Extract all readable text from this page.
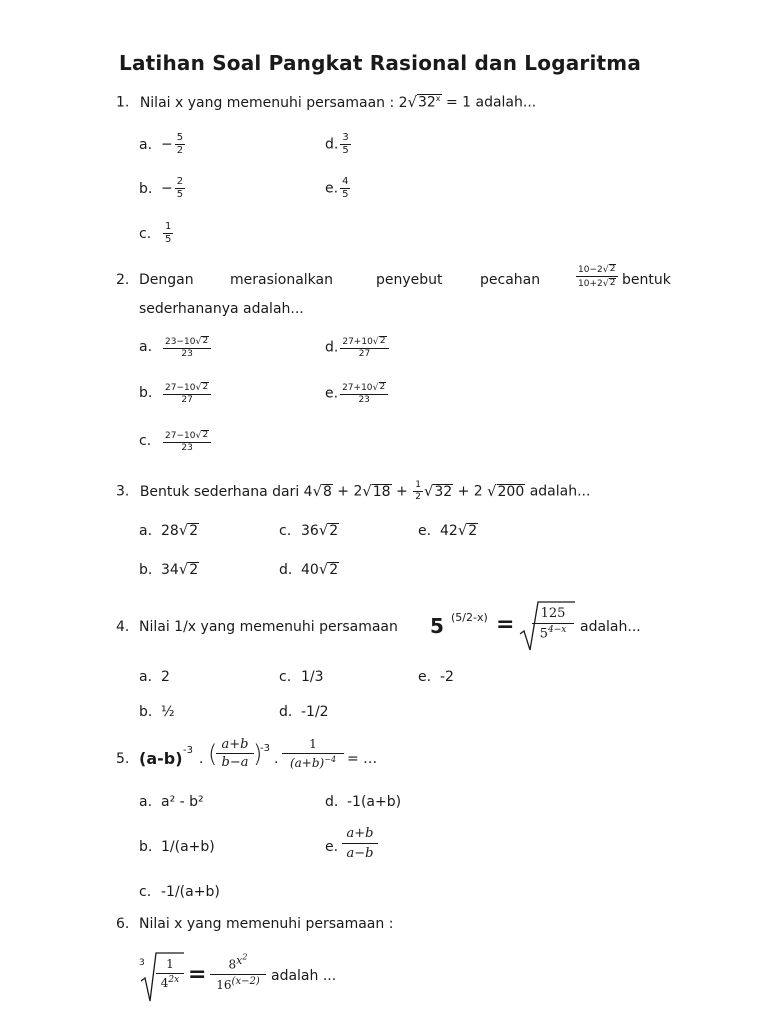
Latihan Soal Pangkat Rasional dan Logaritma
1. Nilai x yang memenuhi persamaan : 2 √ $32^x = 1$ adalah...
a. − $\frac{5}{2}$
b. − $\frac{2}{5}$
c. $\frac{1}{5}$
d. $\frac{3}{5}$
e. $\frac{4}{5}$
2. Dengan	merasionalkan	penyebut	pecahan	$\frac{10-2 √ 2}{10+2 √ 2}$ bentuk
sederhananya adalah...
a. $\frac{23-10 √ 2}{23}$
b. $\frac{27-10 √ 2}{27}$
c. $\frac{27-10 √ 2}{23}$
d. $\frac{27+10 √ 2}{27}$
e. $\frac{27+10 √ 2}{23}$
3. Bentuk sederhana dari 4 √ 8 + 2 √ $18 + \frac{1}{2}$ √ 32 + 2 √ 200 adalah...
a. 28 √ 2
b. 34 √ 2
c. 36 √ 2
d. 40 √ 2
e. 42 √ 2
4. Nilai 1/x yang memenuhi persamaan 5 $(5/2-x) = \frac{125}{5^{4-x}}$ adalah...
a. 2
b. ½
c. 1/3
d. -1/2
e. -2
5. (a-b) -3
. (
$\frac{a+b}{b-a}$ )
-3
. $\frac{1}{(a+b)^{-4}}$ = …
a. a² - b²
b. 1/(a+b)
c. -1/(a+b)
d. -1(a+b)
e. $\frac{a+b}{a-b}$
6. Nilai x yang memenuhi persamaan :
$3 \frac{1}{4^{2x}} = \frac{8^{x^2}}{16^{(x-2)}}$ adalah ...
